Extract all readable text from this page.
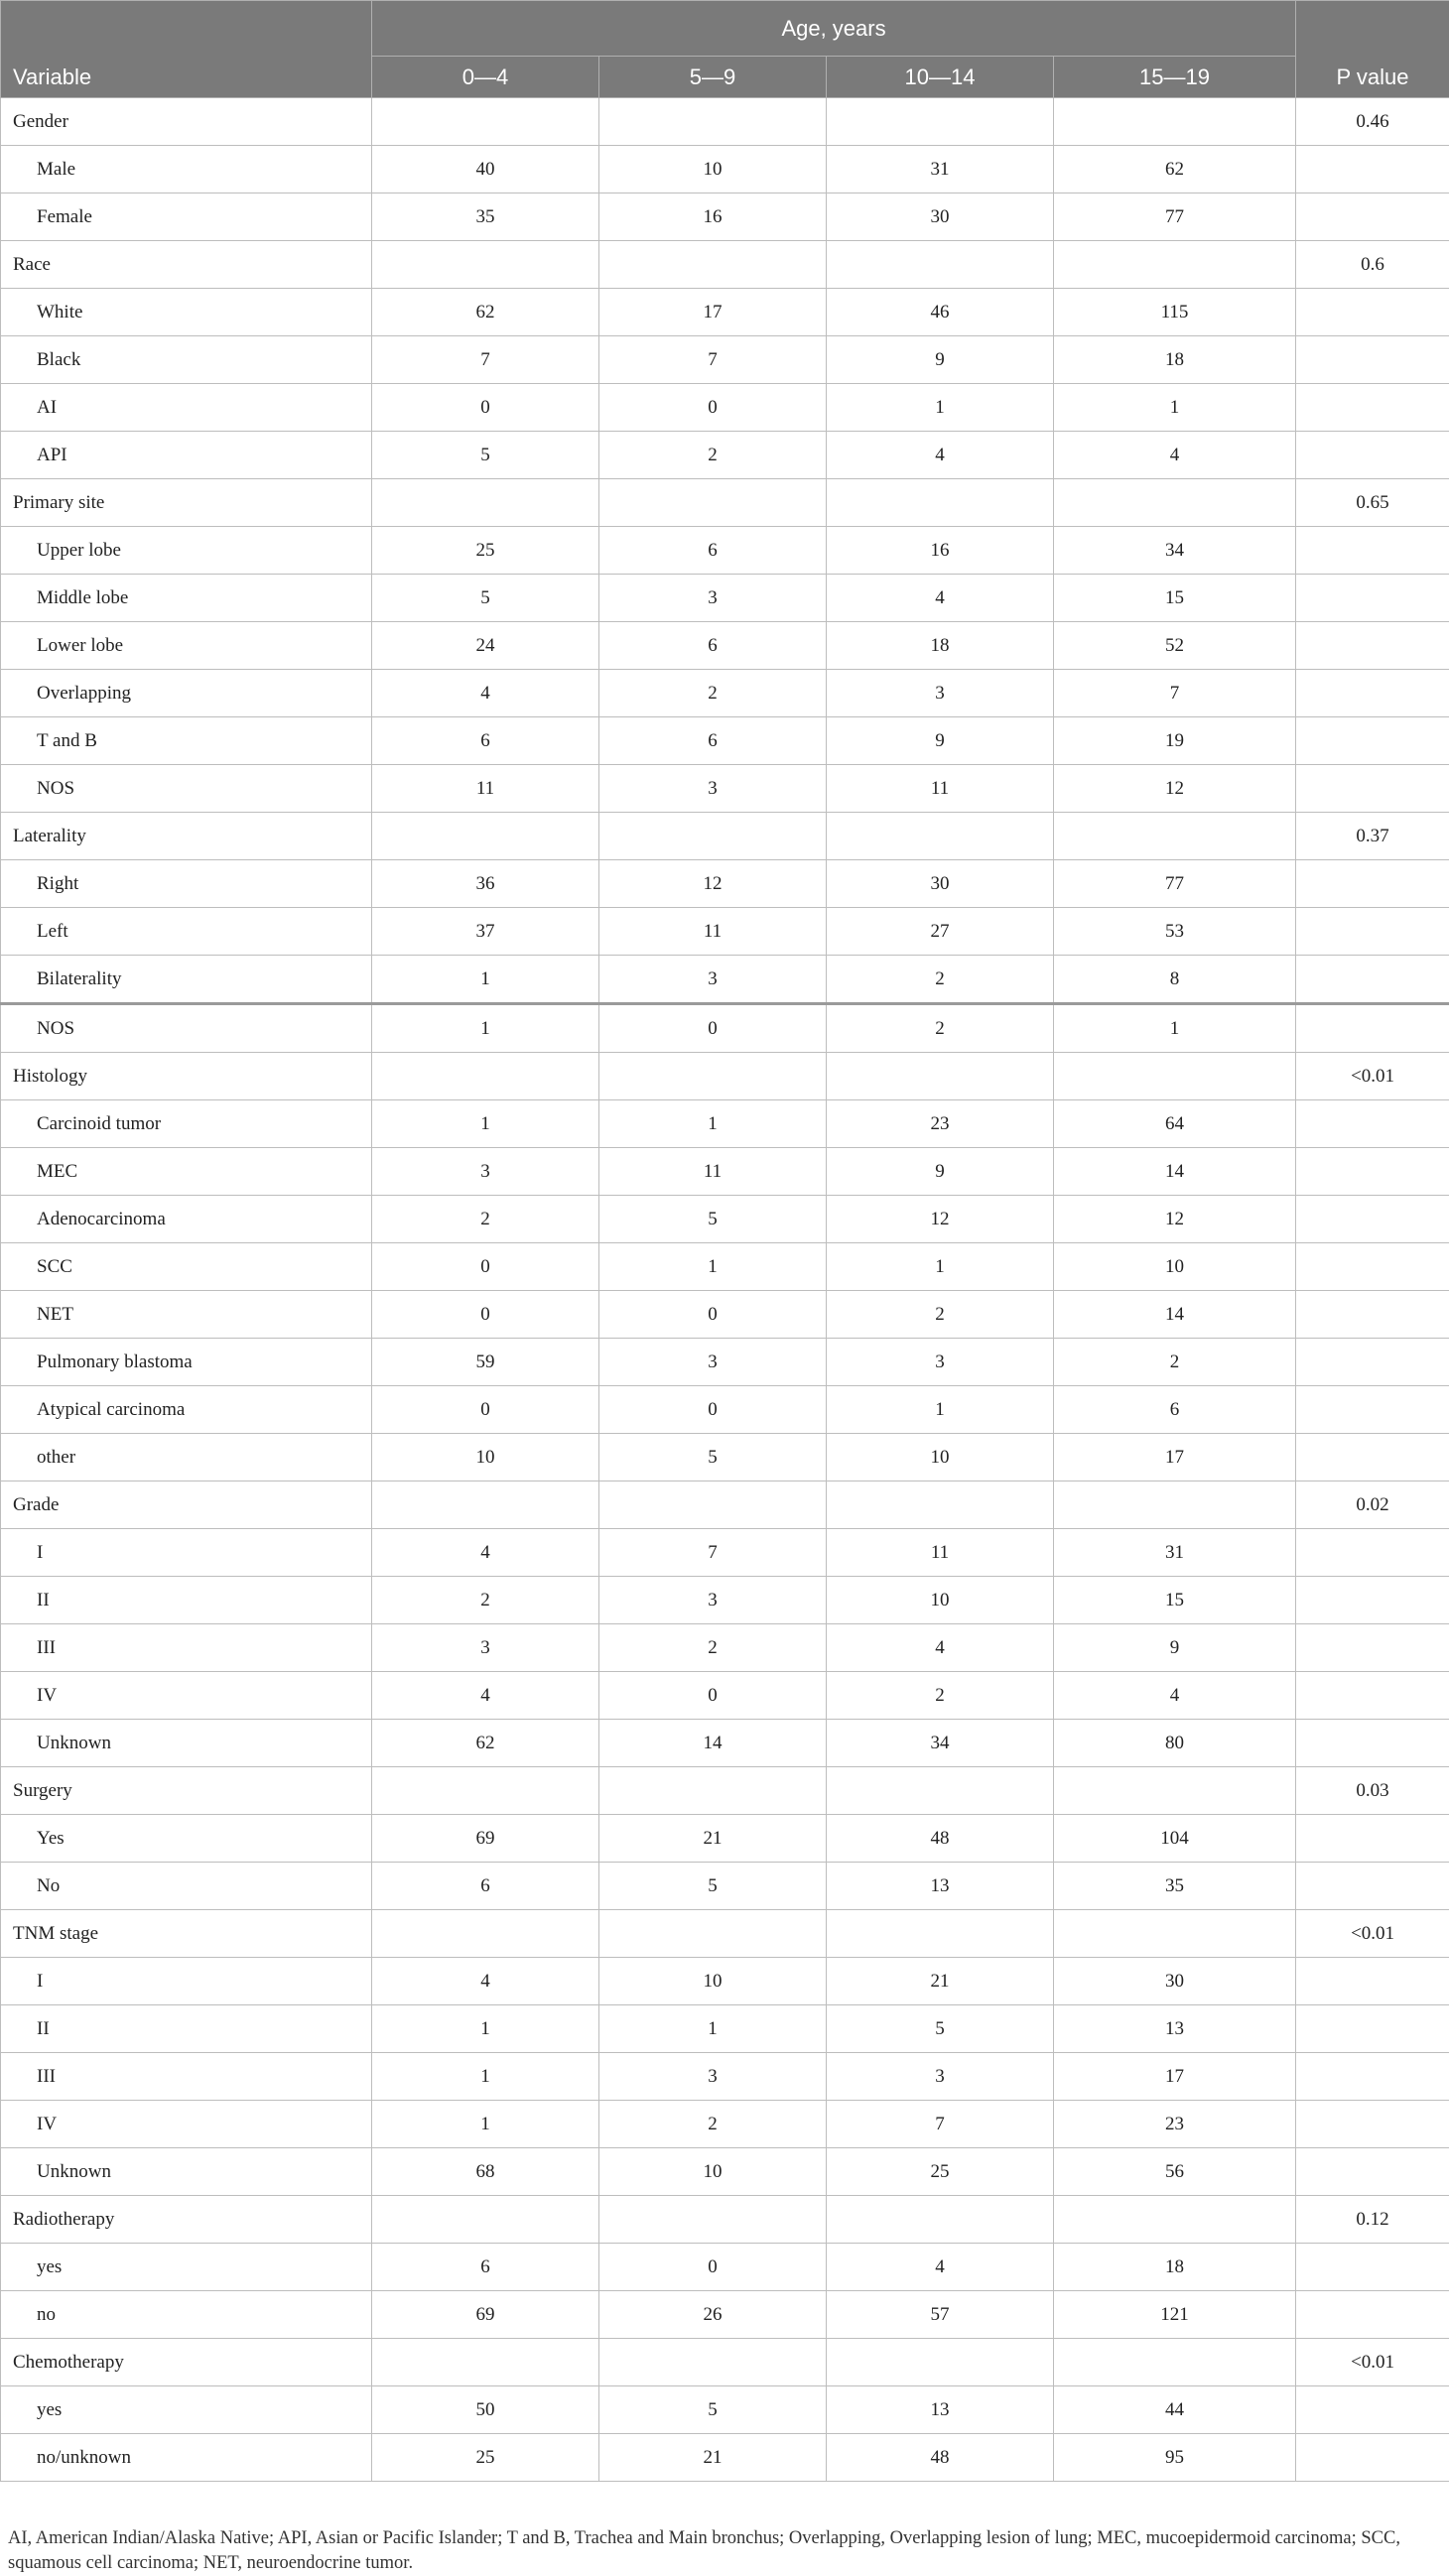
Variable	Age, years				P value
	0—4	5—9	10—14	15—19	
Gender					0.46
Male	40	10	31	62	
Female	35	16	30	77	
Race					0.6
White	62	17	46	115	
Black	7	7	9	18	
AI	0	0	1	1	
API	5	2	4	4	
Primary site					0.65
Upper lobe	25	6	16	34	
Middle lobe	5	3	4	15	
Lower lobe	24	6	18	52	
Overlapping	4	2	3	7	
T and B	6	6	9	19	
NOS	11	3	11	12	
Laterality					0.37
Right	36	12	30	77	
Left	37	11	27	53	
Bilaterality	1	3	2	8	
NOS	1	0	2	1	
Histology					<0.01
Carcinoid tumor	1	1	23	64	
MEC	3	11	9	14	
Adenocarcinoma	2	5	12	12	
SCC	0	1	1	10	
NET	0	0	2	14	
Pulmonary blastoma	59	3	3	2	
Atypical carcinoma	0	0	1	6	
other	10	5	10	17	
Grade					0.02
I	4	7	11	31	
II	2	3	10	15	
III	3	2	4	9	
IV	4	0	2	4	
Unknown	62	14	34	80	
Surgery					0.03
Yes	69	21	48	104	
No	6	5	13	35	
TNM stage					<0.01
I	4	10	21	30	
II	1	1	5	13	
III	1	3	3	17	
IV	1	2	7	23	
Unknown	68	10	25	56	
Radiotherapy					0.12
yes	6	0	4	18	
no	69	26	57	121	
Chemotherapy					<0.01
yes	50	5	13	44	
no/unknown	25	21	48	95	
AI, American Indian/Alaska Native; API, Asian or Pacific Islander; T and B, Trachea and Main bronchus; Overlapping, Overlapping lesion of lung; MEC, mucoepidermoid carcinoma; SCC, squamous cell carcinoma; NET, neuroendocrine tumor.
